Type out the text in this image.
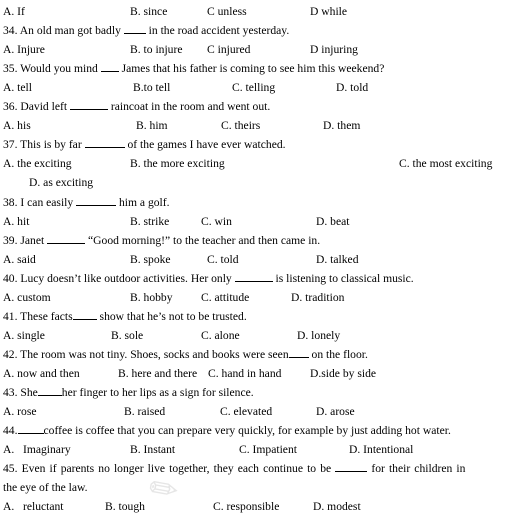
✎
A. If	B. since	C unless	D while
34. An old man got badly  in the road accident yesterday.
A. Injure	B. to injure C injured	D injuring
35. Would you mind  James that his father is coming to see him this weekend?
A. tell	B.to tell	C. telling	D. told
36. David left	raincoat in the room and went out.
A. his	B. him	C. theirs	D. them
37. This is by far	of the games I have ever watched.
A. the exciting	B. the more exciting	C. the most exciting
D. as exciting
38. I can easily	him a golf.
A. hit	B. strike	C. win	D. beat
39. Janet	“Good morning!” to the teacher and then came in.
A. said	B. spoke	C. told	D. talked
40. Lucy doesn’t like outdoor activities. Her only	is listening to classical music.
A. custom	B. hobby C. attitude	D. tradition
41. These facts show that he’s not to be trusted.
A. single	B. sole	C. alone	D. lonely
42. The room was not tiny. Shoes, socks and books were seen on the floor.
A. now and then	B. here and there C. hand in hand D.side by side
43. She her finger to her lips as a sign for silence.
A. rose	B. raised	C. elevated	D. arose
44. coffee is coffee that you can prepare very quickly, for example by just adding hot water.
A.   Imaginary	B. Instant	C. Impatient	D. Intentional
45. Even if parents no longer live together, they each continue to be	for their children in
the eye of the law.
A.   reluctant	B. tough	C. responsible	D. modest
